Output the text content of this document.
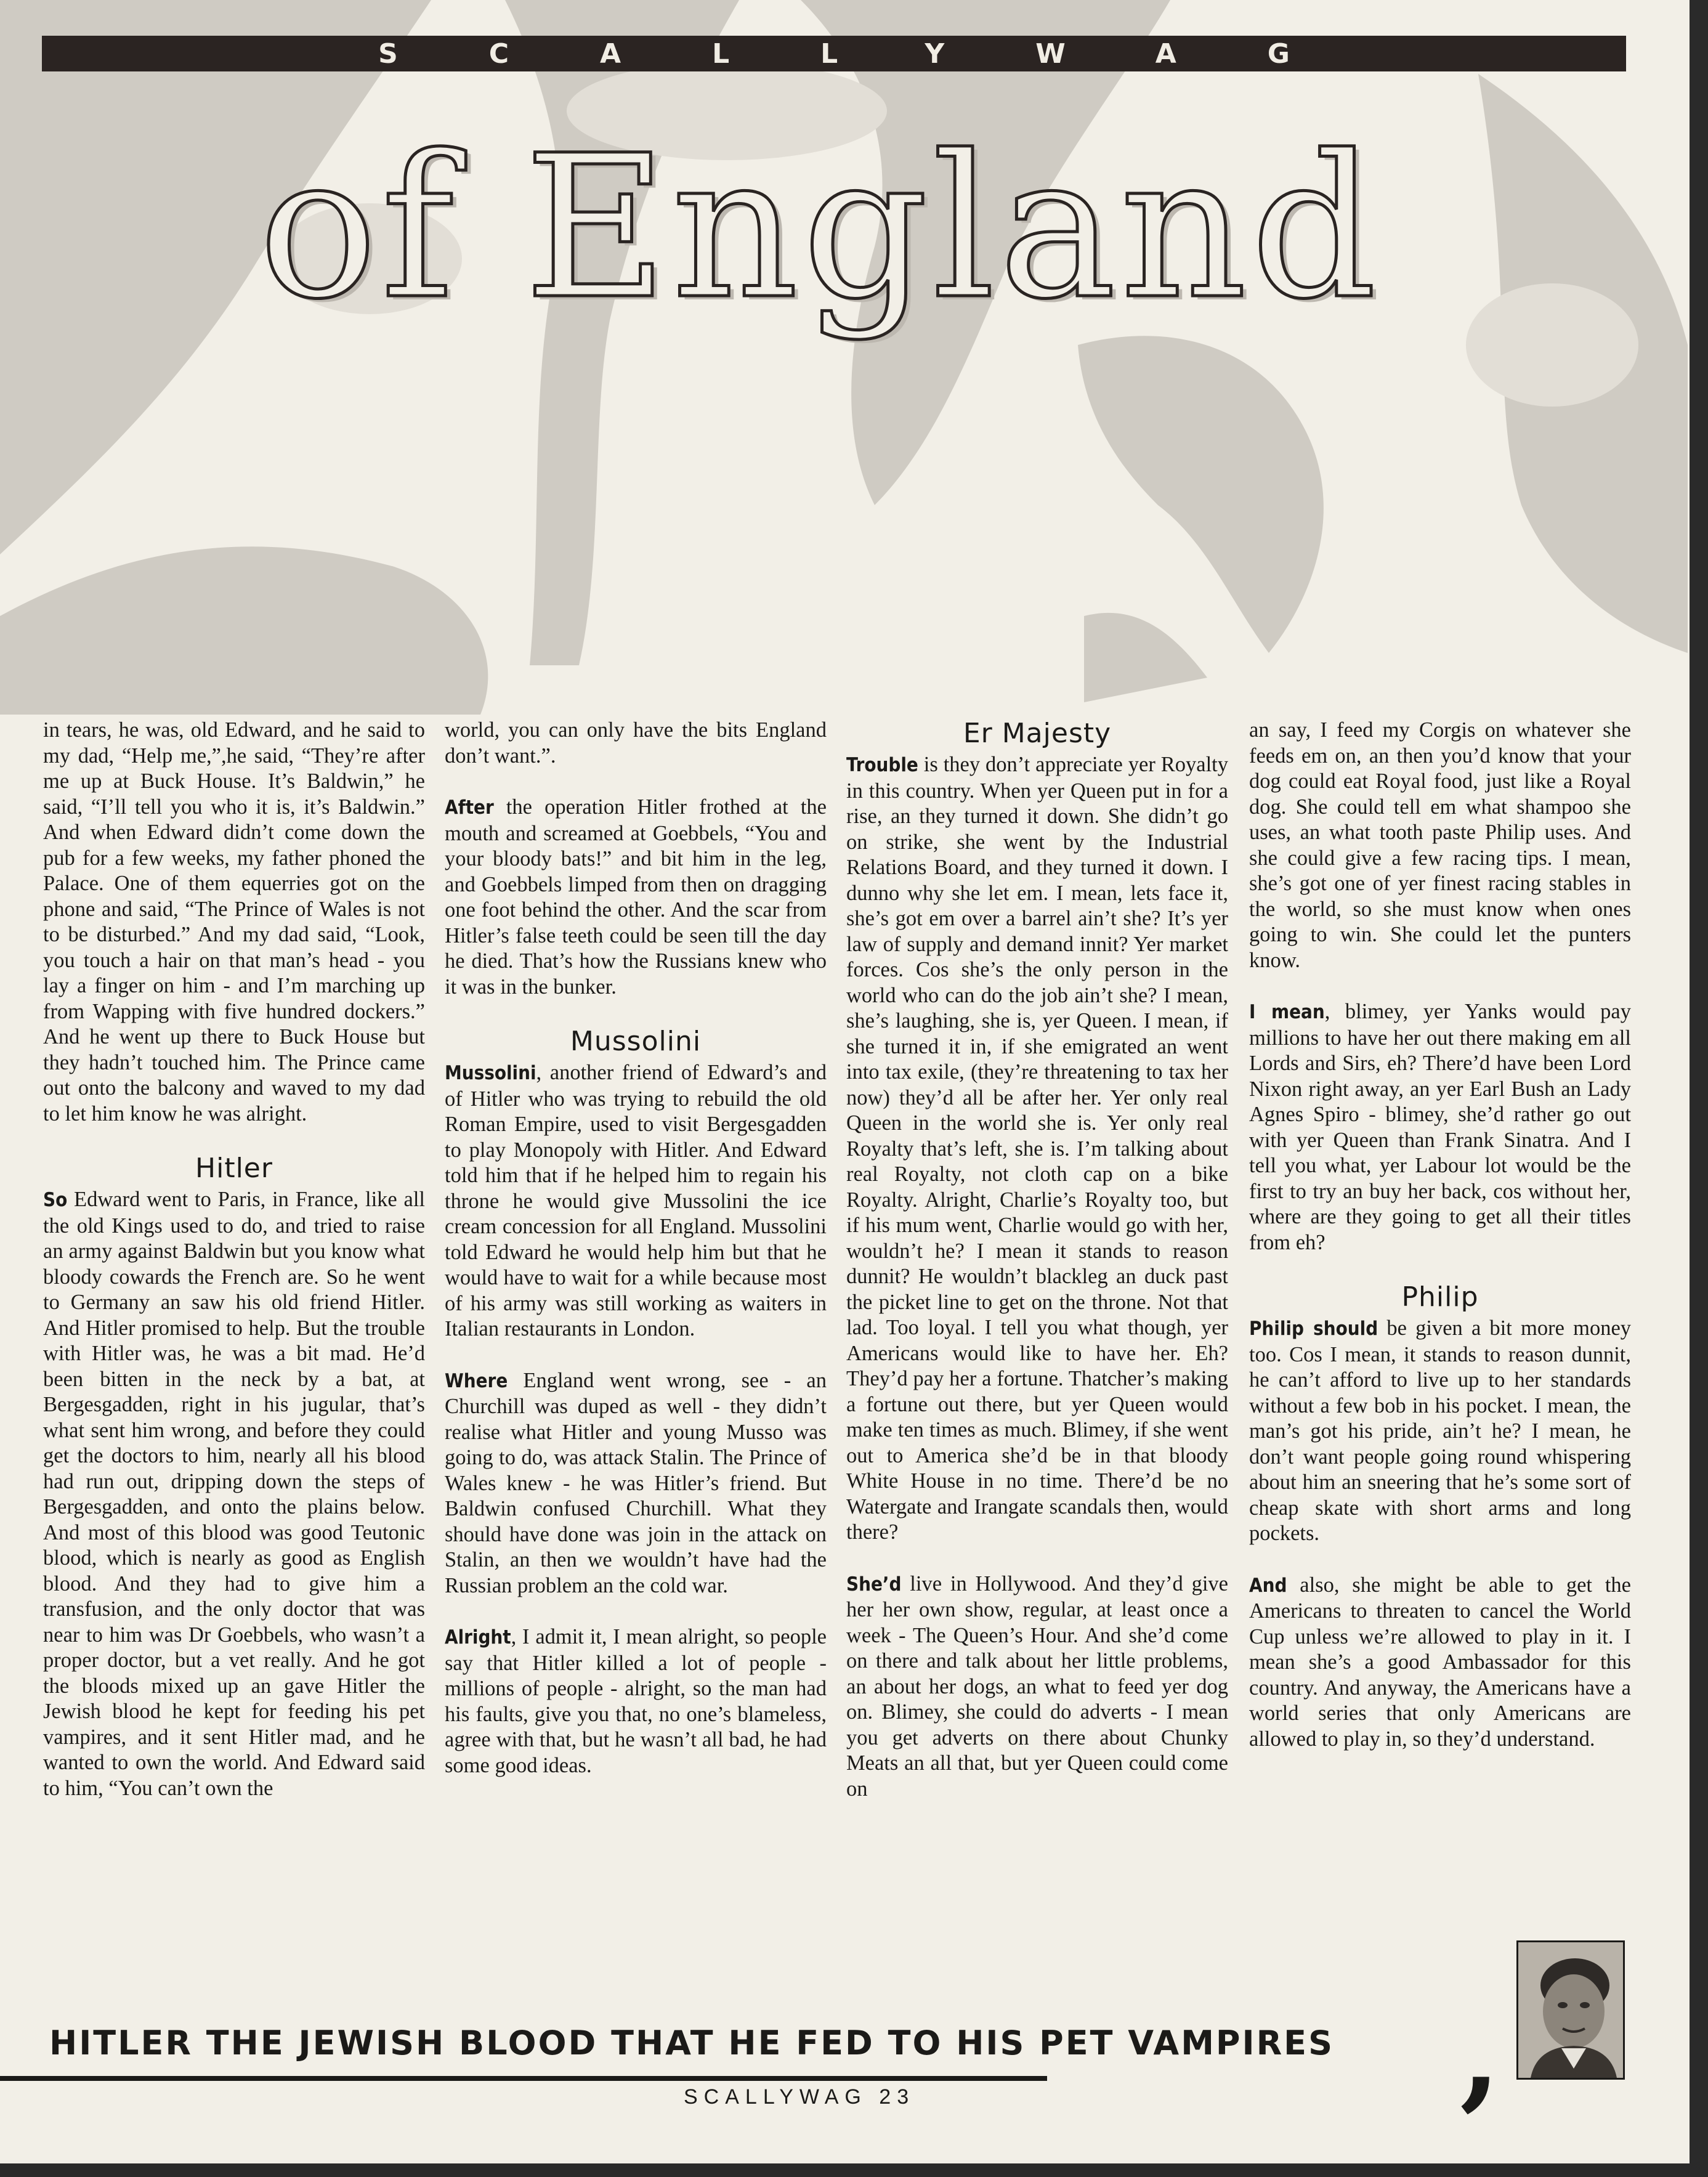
SCALLYWAG
of England

in tears, he was, old Edward, and he said to my dad, “Help me,”,he said, “They’re after me up at Buck House. It’s Baldwin,” he said, “I’ll tell you who it is, it’s Baldwin.” And when Edward didn’t come down the pub for a few weeks, my father phoned the Palace. One of them equerries got on the phone and said, “The Prince of Wales is not to be disturbed.” And my dad said, “Look, you touch a hair on that man’s head - you lay a finger on him - and I’m marching up from Wapping with five hundred dockers.” And he went up there to Buck House but they hadn’t touched him. The Prince came out onto the balcony and waved to my dad to let him know he was alright.

Hitler

So Edward went to Paris, in France, like all the old Kings used to do, and tried to raise an army against Baldwin but you know what bloody cowards the French are. So he went to Germany an saw his old friend Hitler. And Hitler promised to help. But the trouble with Hitler was, he was a bit mad. He’d been bitten in the neck by a bat, at Bergesgadden, right in his jugular, that’s what sent him wrong, and before they could get the doctors to him, nearly all his blood had run out, dripping down the steps of Bergesgadden, and onto the plains below. And most of this blood was good Teutonic blood, which is nearly as good as English blood. And they had to give him a transfusion, and the only doctor that was near to him was Dr Goebbels, who wasn’t a proper doctor, but a vet really. And he got the bloods mixed up an gave Hitler the Jewish blood he kept for feeding his pet vampires, and it sent Hitler mad, and he wanted to own the world. And Edward said to him, “You can’t own the

world, you can only have the bits England don’t want.”.

After the operation Hitler frothed at the mouth and screamed at Goebbels, “You and your bloody bats!” and bit him in the leg, and Goebbels limped from then on dragging one foot behind the other. And the scar from Hitler’s false teeth could be seen till the day he died. That’s how the Russians knew who it was in the bunker.

Mussolini

Mussolini, another friend of Edward’s and of Hitler who was trying to rebuild the old Roman Empire, used to visit Bergesgadden to play Monopoly with Hitler. And Edward told him that if he helped him to regain his throne he would give Mussolini the ice cream concession for all England. Mussolini told Edward he would help him but that he would have to wait for a while because most of his army was still working as waiters in Italian restaurants in London.

Where England went wrong, see - an Churchill was duped as well - they didn’t realise what Hitler and young Musso was going to do, was attack Stalin. The Prince of Wales knew - he was Hitler’s friend. But Baldwin confused Churchill. What they should have done was join in the attack on Stalin, an then we wouldn’t have had the Russian problem an the cold war.

Alright, I admit it, I mean alright, so people say that Hitler killed a lot of people - millions of people - alright, so the man had his faults, give you that, no one’s blameless, agree with that, but he wasn’t all bad, he had some good ideas.

Er Majesty

Trouble is they don’t appreciate yer Royalty in this country. When yer Queen put in for a rise, an they turned it down. She didn’t go on strike, she went by the Industrial Relations Board, and they turned it down. I dunno why she let em. I mean, lets face it, she’s got em over a barrel ain’t she? It’s yer law of supply and demand innit? Yer market forces. Cos she’s the only person in the world who can do the job ain’t she? I mean, she’s laughing, she is, yer Queen. I mean, if she turned it in, if she emigrated an went into tax exile, (they’re threatening to tax her now) they’d all be after her. Yer only real Queen in the world she is. Yer only real Royalty that’s left, she is. I’m talking about real Royalty, not cloth cap on a bike Royalty. Alright, Charlie’s Royalty too, but if his mum went, Charlie would go with her, wouldn’t he? I mean it stands to reason dunnit? He wouldn’t blackleg an duck past the picket line to get on the throne. Not that lad. Too loyal. I tell you what though, yer Americans would like to have her. Eh? They’d pay her a fortune. Thatcher’s making a fortune out there, but yer Queen would make ten times as much. Blimey, if she went out to America she’d be in that bloody White House in no time. There’d be no Watergate and Irangate scandals then, would there?

She’d live in Hollywood. And they’d give her her own show, regular, at least once a week - The Queen’s Hour. And she’d come on there and talk about her little problems, an about her dogs, an what to feed yer dog on. Blimey, she could do adverts - I mean you get adverts on there about Chunky Meats an all that, but yer Queen could come on

an say, I feed my Corgis on whatever she feeds em on, an then you’d know that your dog could eat Royal food, just like a Royal dog. She could tell em what shampoo she uses, an what tooth paste Philip uses. And she could give a few racing tips. I mean, she’s got one of yer finest racing stables in the world, so she must know when ones going to win. She could let the punters know.

I mean, blimey, yer Yanks would pay millions to have her out there making em all Lords and Sirs, eh? There’d have been Lord Nixon right away, an yer Earl Bush an Lady Agnes Spiro - blimey, she’d rather go out with yer Queen than Frank Sinatra. And I tell you what, yer Labour lot would be the first to try an buy her back, cos without her, where are they going to get all their titles from eh?

Philip

Philip should be given a bit more money too. Cos I mean, it stands to reason dunnit, he can’t afford to live up to her standards without a few bob in his pocket. I mean, the man’s got his pride, ain’t he? I mean, he don’t want people going round whispering about him an sneering that he’s some sort of cheap skate with short arms and long pockets.

And also, she might be able to get the Americans to threaten to cancel the World Cup unless we’re allowed to play in it. I mean she’s a good Ambassador for this country. And anyway, the Americans have a world series that only Americans are allowed to play in, so they’d understand.

HITLER THE JEWISH BLOOD THAT HE FED TO HIS PET VAMPIRES ,
SCALLYWAG 23
